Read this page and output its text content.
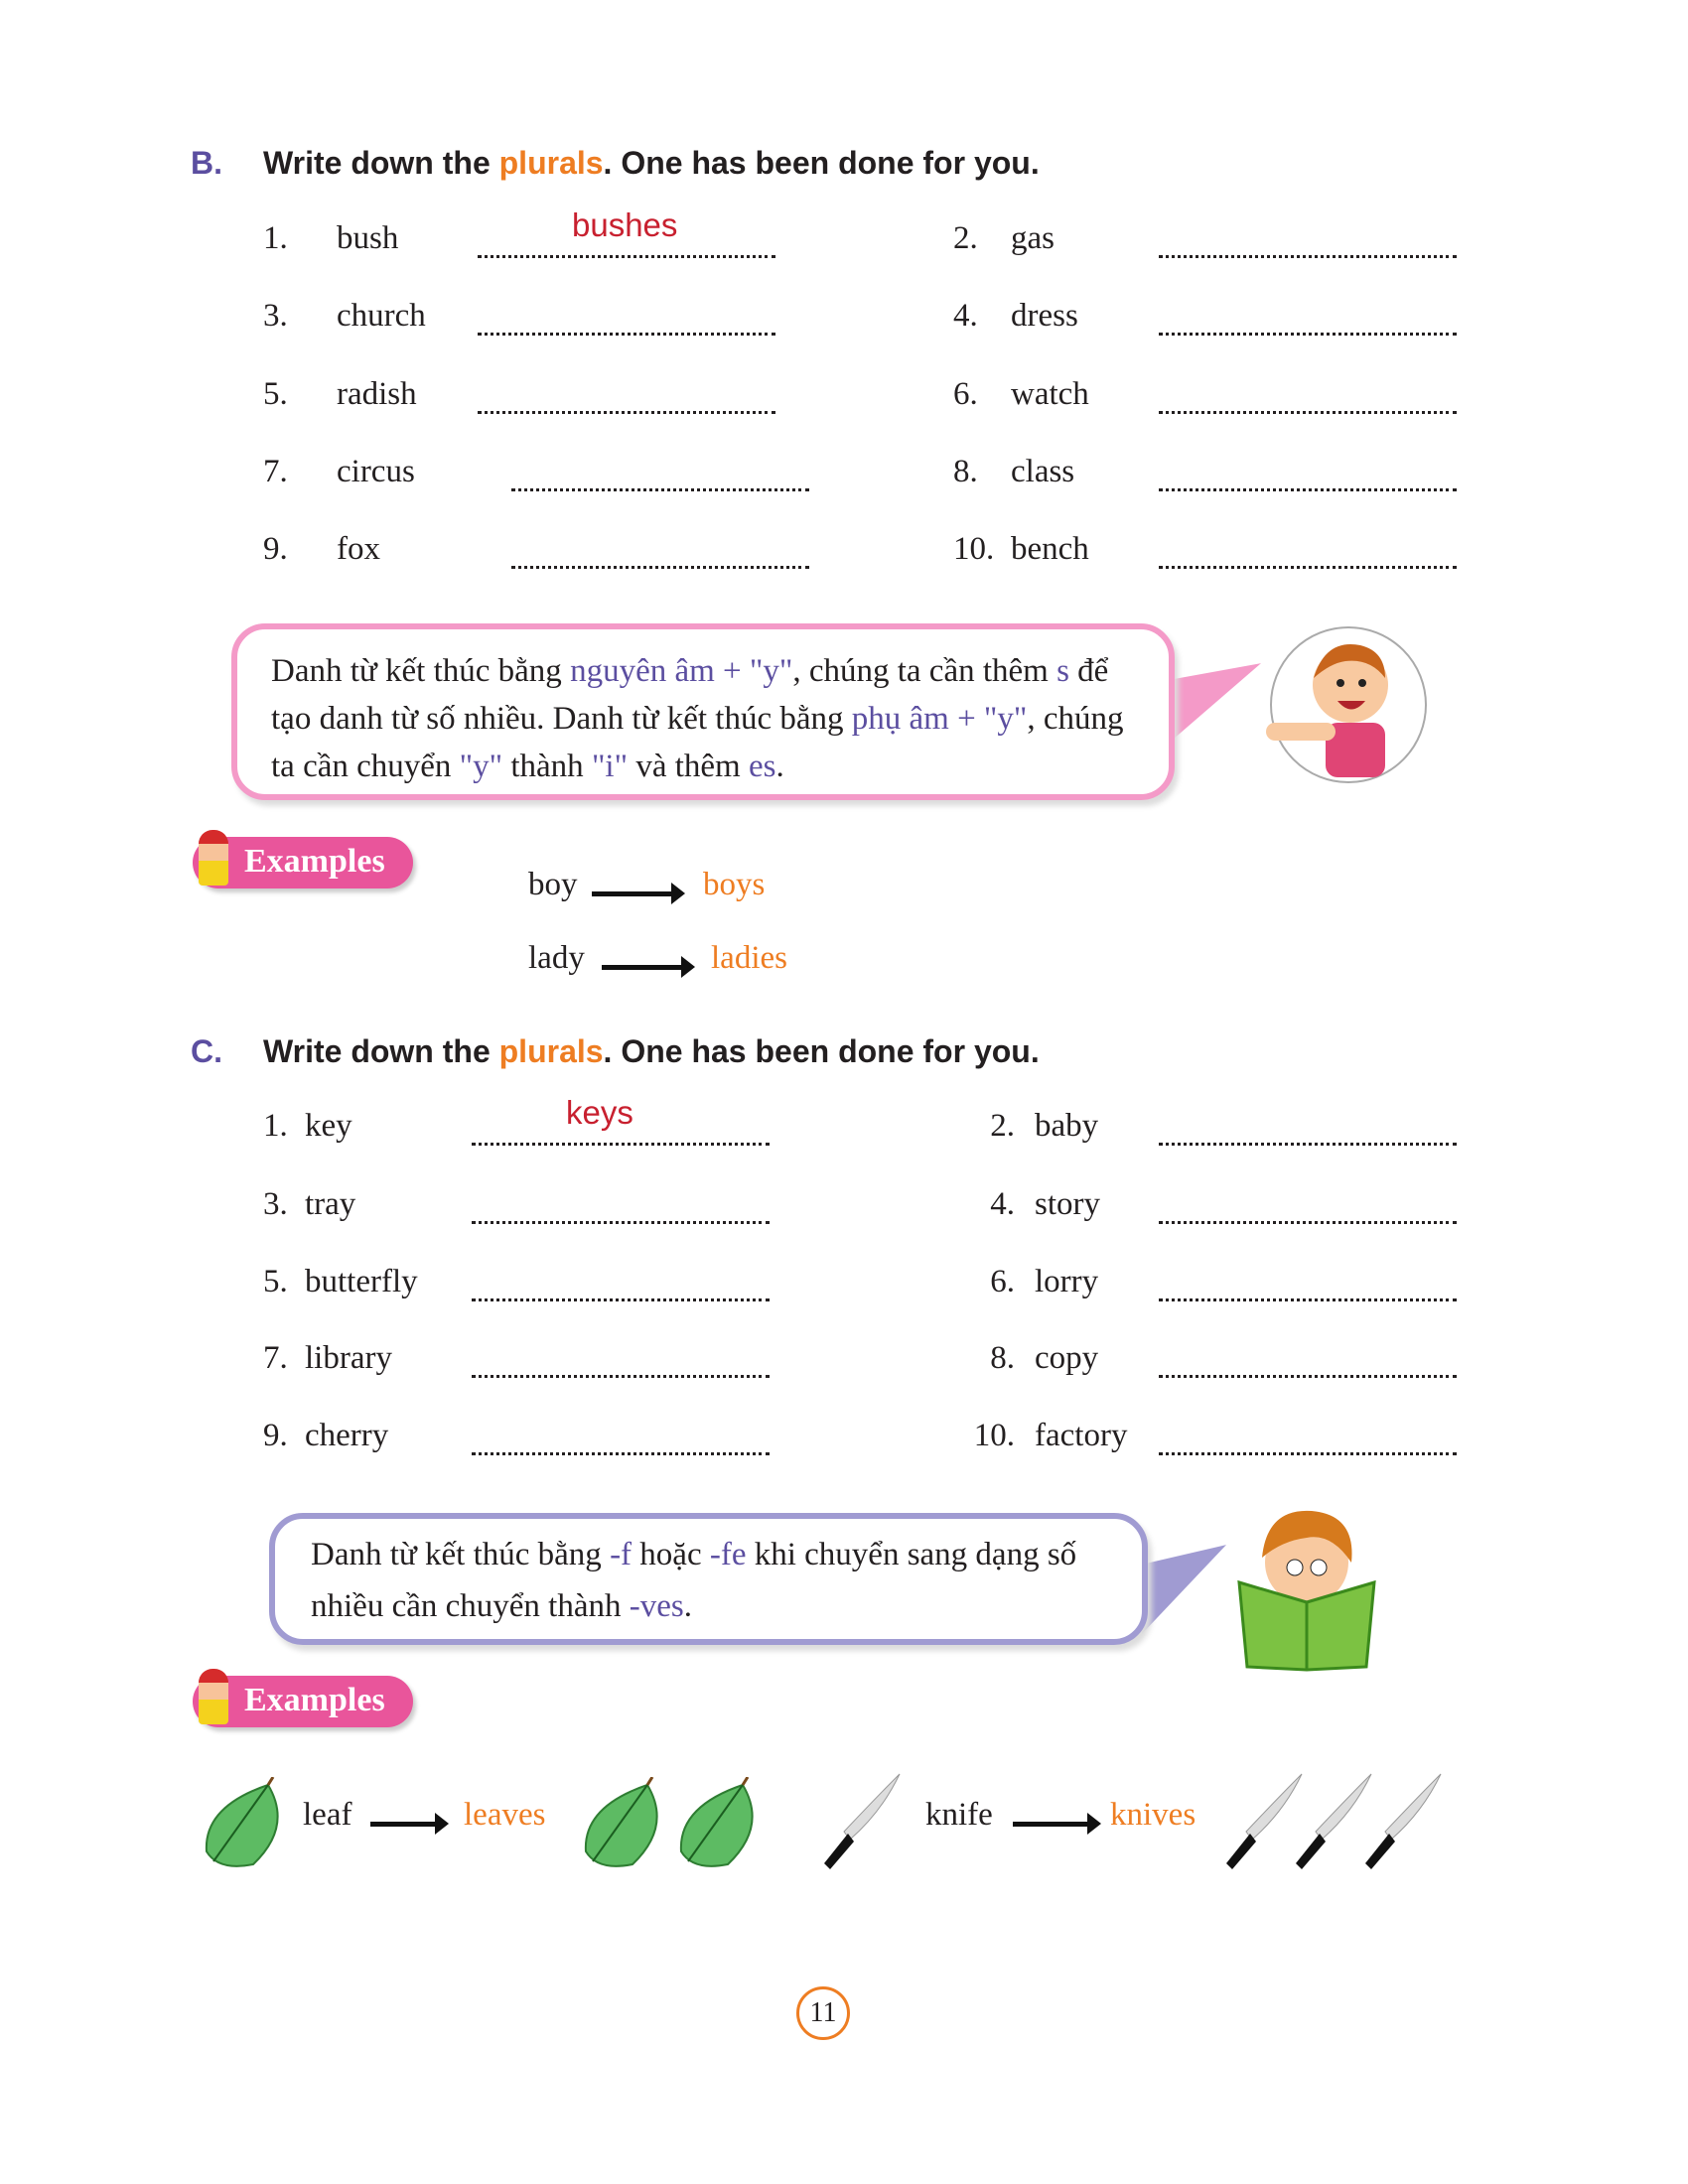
B. Write down the plurals. One has been done for you.
1. bush	bushes	2. gas
3. church	4. dress
5. radish	6. watch
7. circus	8. class
9. fox	10. bench
Danh từ kết thúc bằng nguyên âm + "y", chúng ta cần thêm s để tạo danh từ số nhiều. Danh từ kết thúc bằng phụ âm + "y", chúng ta cần chuyển "y" thành "i" và thêm es.
Examples
boy	boys
lady	ladies
C. Write down the plurals. One has been done for you.
1. key	keys	2. baby
3. tray	4. story
5. butterfly	6. lorry
7. library	8. copy
9. cherry	10. factory
Danh từ kết thúc bằng -f hoặc -fe khi chuyển sang dạng số nhiều cần chuyển thành -ves.
Examples
leaf	leaves	knife	knives
11
